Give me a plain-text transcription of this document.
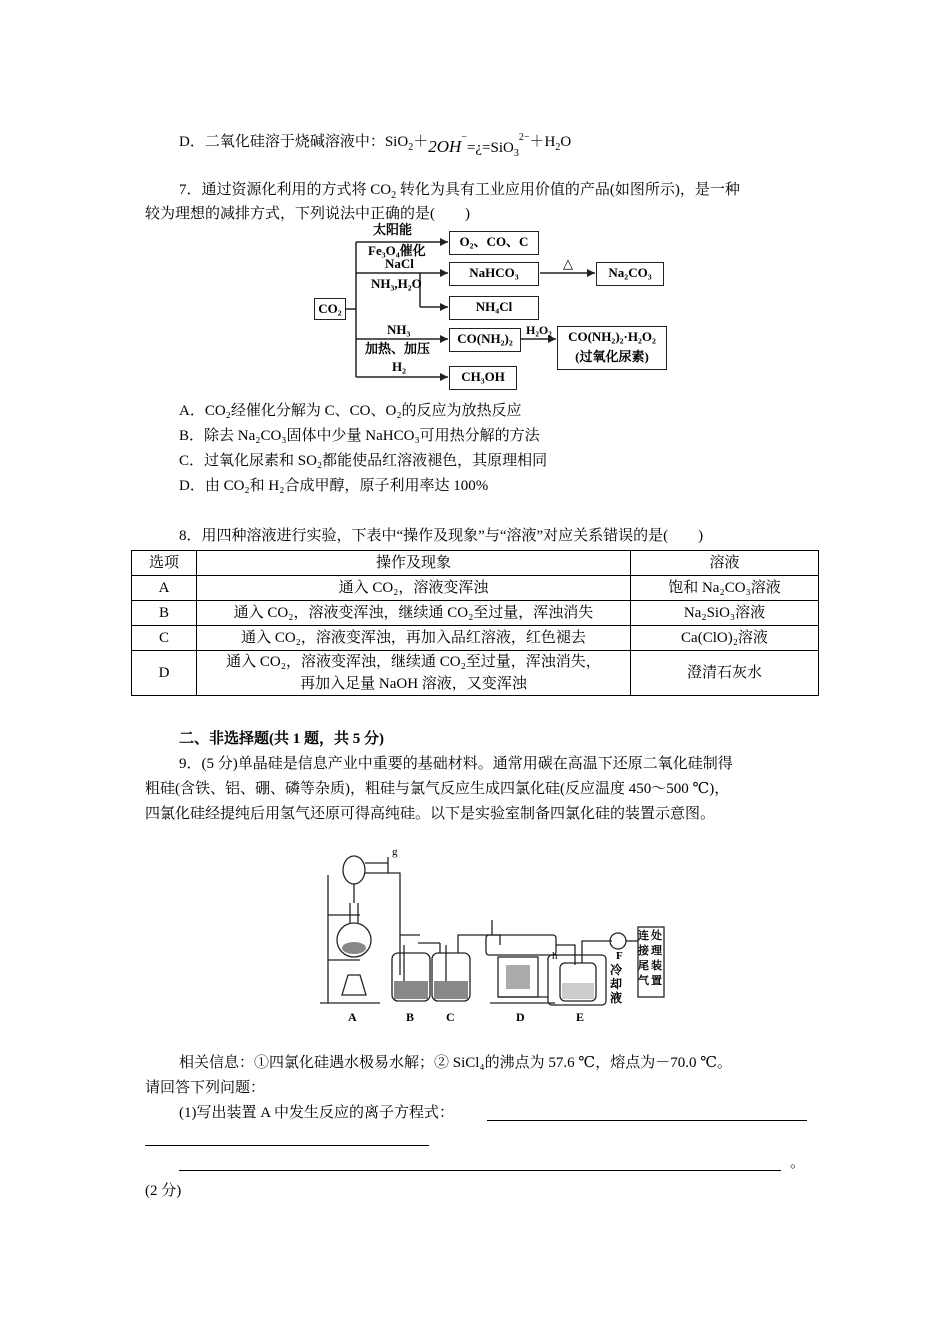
D．二氧化硅溶于烧碱溶液中：$SiO_2+2OH^-=¿=SiO_3^{2-}+H_2O$
7．通过资源化利用的方式将 $CO_2$ 转化为具有工业应用价值的产品(如图所示)，是一种
较为理想的减排方式，下列说法中正确的是(　　)
CO₂
太阳能
Fe₃O₄催化
O₂、CO、C
NaCl
NH₃,H₂O
NaHCO₃
△
Na₂CO₃
NH₄Cl
NH₃
加热、加压
CO(NH₂)₂
H₂O₂	CO(NH₂)₂·H₂O₂
(过氧化尿素)
H₂
CH₃OH
A．CO₂经催化分解为 C、CO、O₂的反应为放热反应
B．除去 Na₂CO₃固体中少量 NaHCO₃可用热分解的方法
C．过氧化尿素和 SO₂都能使品红溶液褪色，其原理相同
D．由 CO₂和 H₂合成甲醇，原子利用率达 100%
8．用四种溶液进行实验，下表中“操作及现象”与“溶液”对应关系错误的是(　　)
选项	操作及现象	溶液
A	通入 CO₂，溶液变浑浊	饱和 Na₂CO₃溶液
B	通入 CO₂，溶液变浑浊，继续通 CO₂至过量，浑浊消失	Na₂SiO₃溶液
C	通入 CO₂，溶液变浑浊，再加入品红溶液，红色褪去	Ca(ClO)₂溶液
D	通入 CO₂，溶液变浑浊，继续通 CO₂至过量，浑浊消失，
再加入足量 NaOH 溶液，又变浑浊	澄清石灰水
二、非选择题(共 1 题，共 5 分)
9．(5 分)单晶硅是信息产业中重要的基础材料。通常用碳在高温下还原二氧化硅制得
粗硅(含铁、铝、硼、磷等杂质)，粗硅与氯气反应生成四氯化硅(反应温度 450～500 ℃)，
四氯化硅经提纯后用氢气还原可得高纯硅。以下是实验室制备四氯化硅的装置示意图。
g
h	F
冷
却
液
连
接
尾
气
处
理
装
置
A	B	C	D	E
相关信息：①四氯化硅遇水极易水解；② SiCl₄的沸点为 57.6 ℃，熔点为－70.0 ℃。
请回答下列问题：
(1)写出装置 A 中发生反应的离子方程式：
。
(2 分)
